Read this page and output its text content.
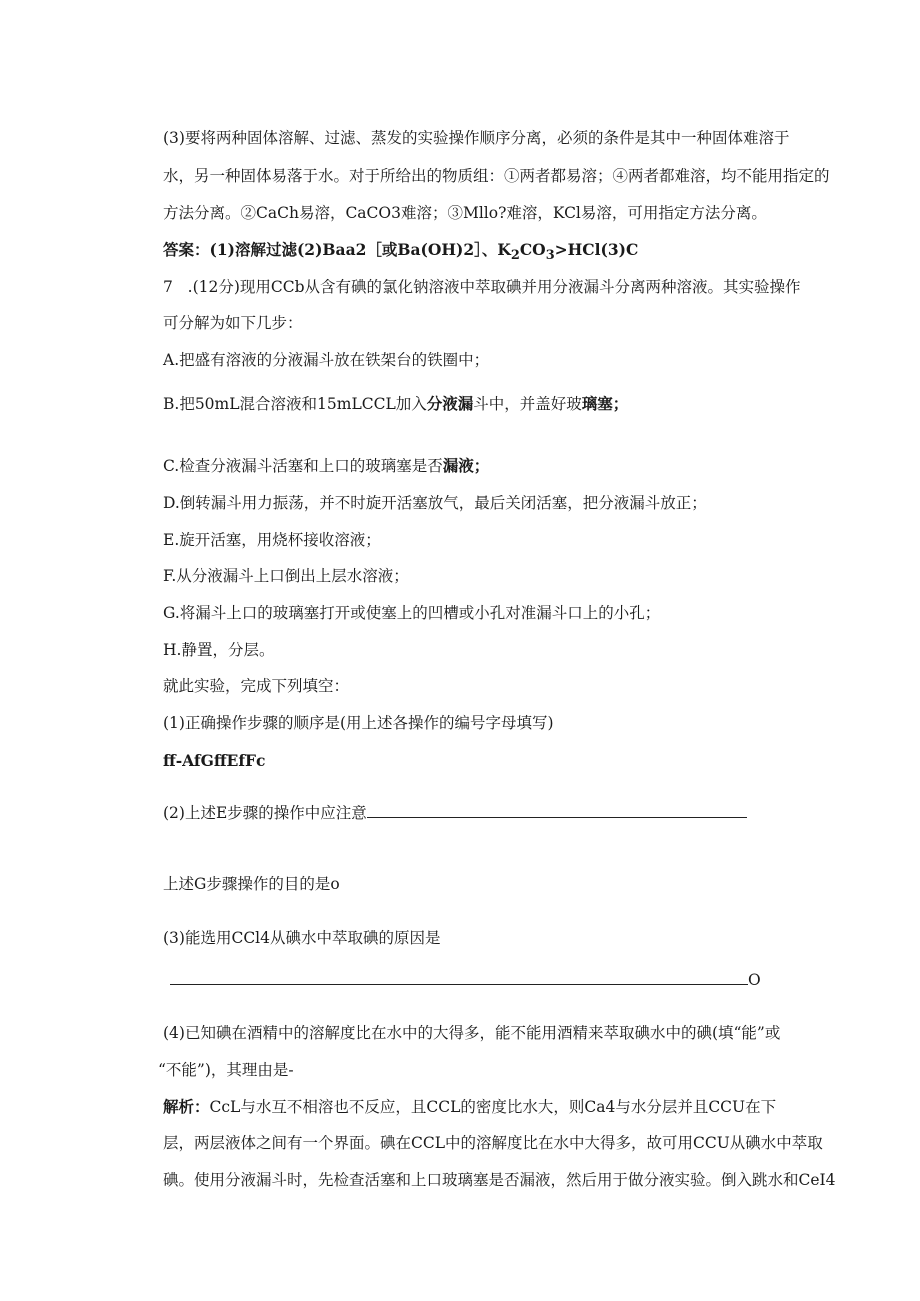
(3)要将两种固体溶解、过滤、蒸发的实验操作顺序分离，必须的条件是其中一种固体难溶于
水，另一种固体易落于水。对于所给出的物质组：①两者都易溶；④两者都难溶，均不能用指定的
方法分离。②CaCh易溶，CaCO3难溶；③Mllo?难溶，KCl易溶，可用指定方法分离。
答案：(1)溶解过滤(2)Baa2［或Ba(OH)2］、$K_2CO_3>HCl(3)C$
7 .(12分)现用CCb从含有碘的氯化钠溶液中萃取碘并用分液漏斗分离两种溶液。其实验操作
可分解为如下几步：
A.把盛有溶液的分液漏斗放在铁架台的铁圈中；
B.把50mL混合溶液和15mLCCL加入分液漏斗中，并盖好玻璃塞；
C.检查分液漏斗活塞和上口的玻璃塞是否漏液；
D.倒转漏斗用力振荡，并不时旋开活塞放气，最后关闭活塞，把分液漏斗放正；
E.旋开活塞，用烧杯接收溶液；
F.从分液漏斗上口倒出上层水溶液；
G.将漏斗上口的玻璃塞打开或使塞上的凹槽或小孔对准漏斗口上的小孔；
H.静置，分层。
就此实验，完成下列填空：
(1)正确操作步骤的顺序是(用上述各操作的编号字母填写)
ff-AfGffEfFc
(2)上述E步骤的操作中应注意
上述G步骤操作的目的是o
(3)能选用CCl4从碘水中萃取碘的原因是
O
(4)已知碘在酒精中的溶解度比在水中的大得多，能不能用酒精来萃取碘水中的碘(填“能”或
“不能”)，其理由是-
解析：CcL与水互不相溶也不反应，且CCL的密度比水大，则Ca4与水分层并且CCU在下
层，两层液体之间有一个界面。碘在CCL中的溶解度比在水中大得多，故可用CCU从碘水中萃取
碘。使用分液漏斗时，先检查活塞和上口玻璃塞是否漏液，然后用于做分液实验。倒入跳水和CeI4
